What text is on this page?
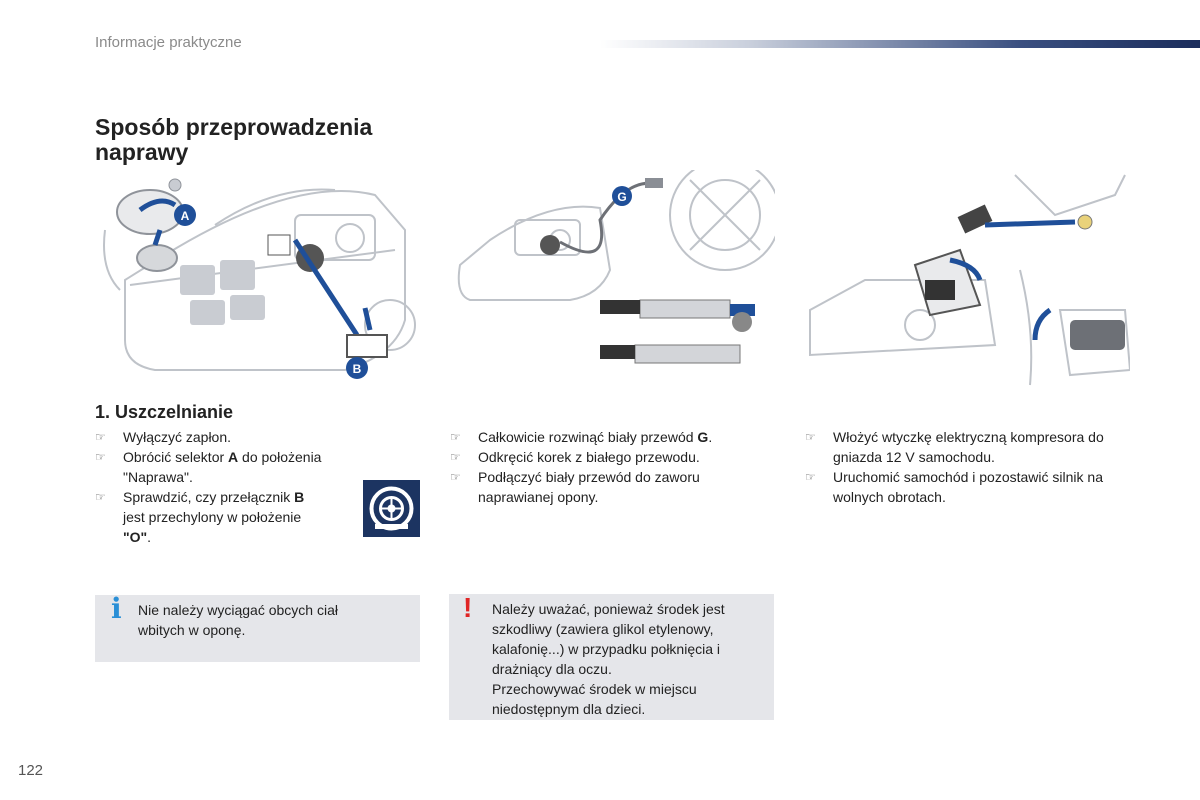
Informacje praktyczne
Sposób przeprowadzenia naprawy
A
B
G
1. Uszczelnianie
☞ Wyłączyć zapłon.
☞ Obrócić selektor A do położenia "Naprawa".
☞ Sprawdzić, czy przełącznik B jest przechylony w położenie "O".
☞ Całkowicie rozwinąć biały przewód G.
☞ Odkręcić korek z białego przewodu.
☞ Podłączyć biały przewód do zaworu naprawianej opony.
☞ Włożyć wtyczkę elektryczną kompresora do gniazda 12 V samochodu.
☞ Uruchomić samochód i pozostawić silnik na wolnych obrotach.
i Nie należy wyciągać obcych ciał
wbitych w oponę.
! Należy uważać, ponieważ środek jest
szkodliwy (zawiera glikol etylenowy,
kalafonię...) w przypadku połknięcia i
drażniący dla oczu.
Przechowywać środek w miejscu
niedostępnym dla dzieci.
122
